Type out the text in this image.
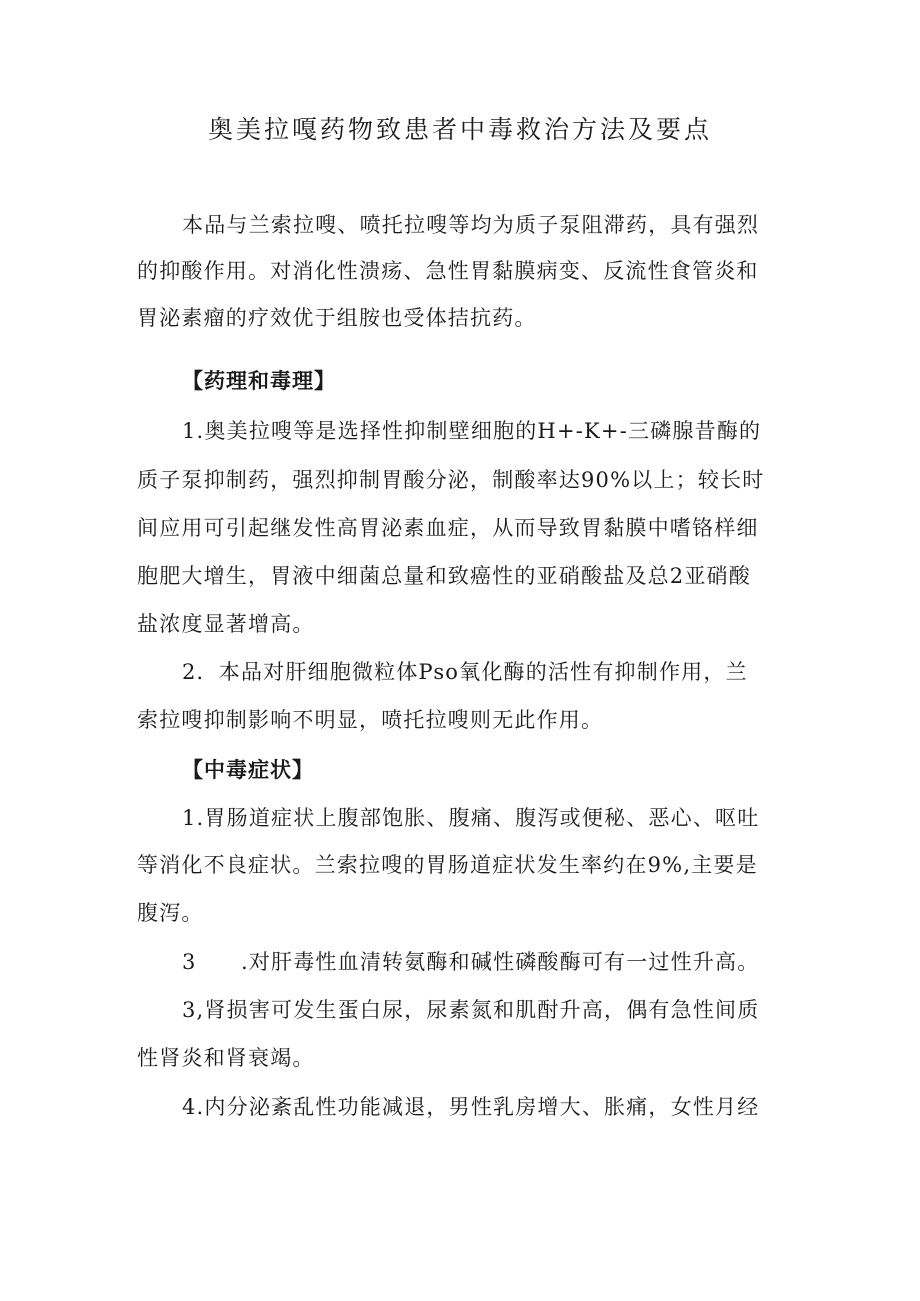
奥美拉嘎药物致患者中毒救治方法及要点
本品与兰索拉嗖、喷托拉嗖等均为质子泵阻滞药，具有强烈
的抑酸作用。对消化性溃疡、急性胃黏膜病变、反流性食管炎和
胃泌素瘤的疗效优于组胺也受体拮抗药。
【药理和毒理】
1.奥美拉嗖等是选择性抑制壁细胞的H+-K+-三磷腺昔酶的
质子泵抑制药，强烈抑制胃酸分泌，制酸率达90%以上；较长时
间应用可引起继发性高胃泌素血症，从而导致胃黏膜中嗜铬样细
胞肥大增生，胃液中细菌总量和致癌性的亚硝酸盐及总2亚硝酸
盐浓度显著增高。
2．本品对肝细胞微粒体Pso氧化酶的活性有抑制作用，兰
索拉嗖抑制影响不明显，喷托拉嗖则无此作用。
【中毒症状】
1.胃肠道症状上腹部饱胀、腹痛、腹泻或便秘、恶心、呕吐
等消化不良症状。兰索拉嗖的胃肠道症状发生率约在9%,主要是
腹泻。
3　　.对肝毒性血清转氨酶和碱性磷酸酶可有一过性升高。
3,肾损害可发生蛋白尿，尿素氮和肌酎升高，偶有急性间质
性肾炎和肾衰竭。
4.内分泌紊乱性功能减退，男性乳房增大、胀痛，女性月经
